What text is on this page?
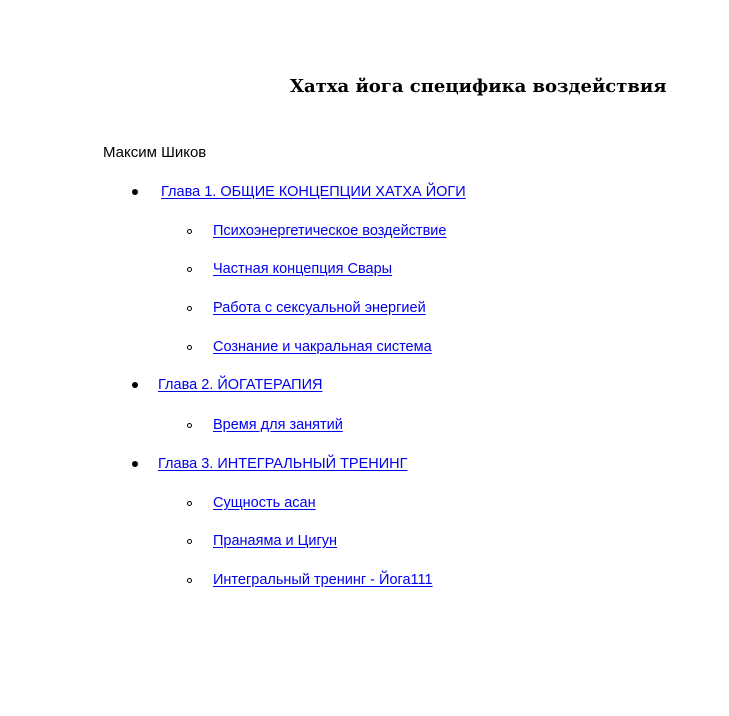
Хатха йога специфика воздействия

Максим Шиков

Глава 1. ОБЩИЕ КОНЦЕПЦИИ ХАТХА ЙОГИ
Психоэнергетическое воздействие
Частная концепция Свары
Работа с сексуальной энергией
Сознание и чакральная система
Глава 2. ЙОГАТЕРАПИЯ
Время для занятий
Глава 3. ИНТЕГРАЛЬНЫЙ ТРЕНИНГ
Сущность асан
Пранаяма и Цигун
Интегральный тренинг - Йога111
